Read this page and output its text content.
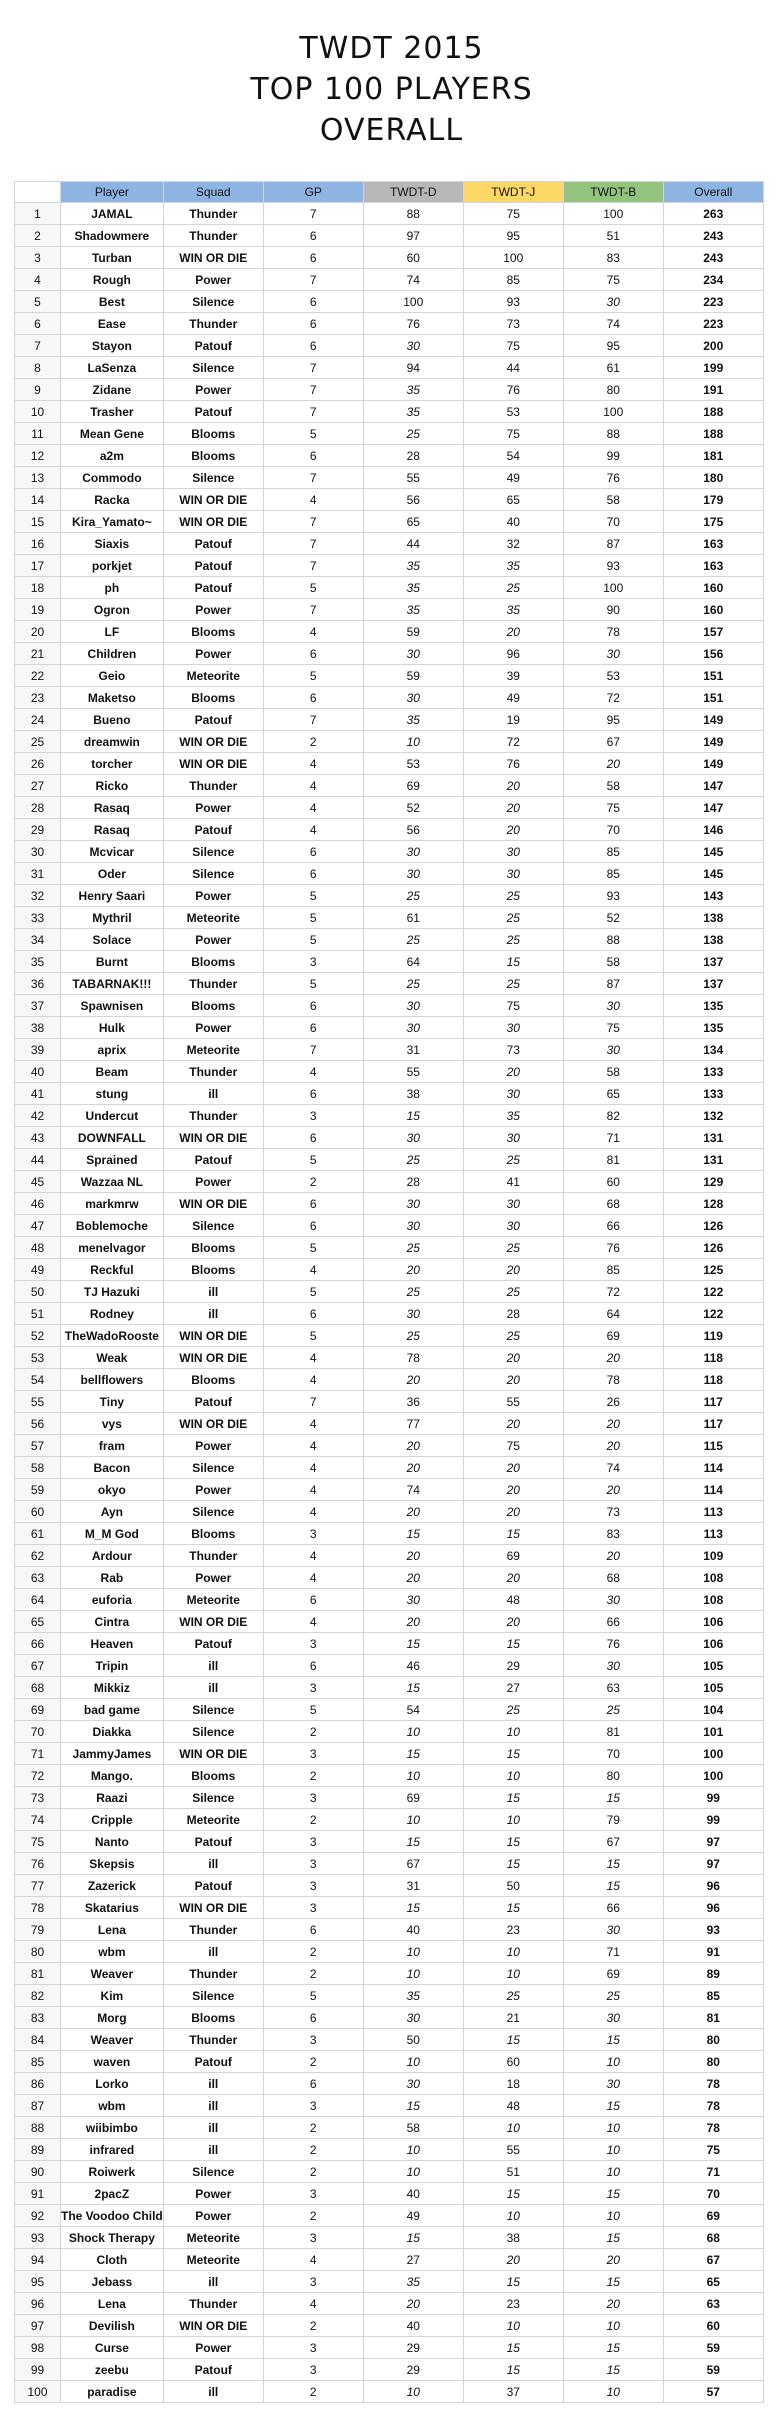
TWDT 2015
TOP 100 PLAYERS
OVERALL
	Player	Squad	GP	TWDT-D	TWDT-J	TWDT-B	Overall
1	JAMAL	Thunder	7	88	75	100	263
2	Shadowmere	Thunder	6	97	95	51	243
3	Turban	WIN OR DIE	6	60	100	83	243
4	Rough	Power	7	74	85	75	234
5	Best	Silence	6	100	93	30	223
6	Ease	Thunder	6	76	73	74	223
7	Stayon	Patouf	6	30	75	95	200
8	LaSenza	Silence	7	94	44	61	199
9	Zidane	Power	7	35	76	80	191
10	Trasher	Patouf	7	35	53	100	188
11	Mean Gene	Blooms	5	25	75	88	188
12	a2m	Blooms	6	28	54	99	181
13	Commodo	Silence	7	55	49	76	180
14	Racka	WIN OR DIE	4	56	65	58	179
15	Kira_Yamato~	WIN OR DIE	7	65	40	70	175
16	Siaxis	Patouf	7	44	32	87	163
17	porkjet	Patouf	7	35	35	93	163
18	ph	Patouf	5	35	25	100	160
19	Ogron	Power	7	35	35	90	160
20	LF	Blooms	4	59	20	78	157
21	Children	Power	6	30	96	30	156
22	Geio	Meteorite	5	59	39	53	151
23	Maketso	Blooms	6	30	49	72	151
24	Bueno	Patouf	7	35	19	95	149
25	dreamwin	WIN OR DIE	2	10	72	67	149
26	torcher	WIN OR DIE	4	53	76	20	149
27	Ricko	Thunder	4	69	20	58	147
28	Rasaq	Power	4	52	20	75	147
29	Rasaq	Patouf	4	56	20	70	146
30	Mcvicar	Silence	6	30	30	85	145
31	Oder	Silence	6	30	30	85	145
32	Henry Saari	Power	5	25	25	93	143
33	Mythril	Meteorite	5	61	25	52	138
34	Solace	Power	5	25	25	88	138
35	Burnt	Blooms	3	64	15	58	137
36	TABARNAK!!!	Thunder	5	25	25	87	137
37	Spawnisen	Blooms	6	30	75	30	135
38	Hulk	Power	6	30	30	75	135
39	aprix	Meteorite	7	31	73	30	134
40	Beam	Thunder	4	55	20	58	133
41	stung	ill	6	38	30	65	133
42	Undercut	Thunder	3	15	35	82	132
43	DOWNFALL	WIN OR DIE	6	30	30	71	131
44	Sprained	Patouf	5	25	25	81	131
45	Wazzaa NL	Power	2	28	41	60	129
46	markmrw	WIN OR DIE	6	30	30	68	128
47	Boblemoche	Silence	6	30	30	66	126
48	menelvagor	Blooms	5	25	25	76	126
49	Reckful	Blooms	4	20	20	85	125
50	TJ Hazuki	ill	5	25	25	72	122
51	Rodney	ill	6	30	28	64	122
52	TheWadoRooste	WIN OR DIE	5	25	25	69	119
53	Weak	WIN OR DIE	4	78	20	20	118
54	bellflowers	Blooms	4	20	20	78	118
55	Tiny	Patouf	7	36	55	26	117
56	vys	WIN OR DIE	4	77	20	20	117
57	fram	Power	4	20	75	20	115
58	Bacon	Silence	4	20	20	74	114
59	okyo	Power	4	74	20	20	114
60	Ayn	Silence	4	20	20	73	113
61	M_M God	Blooms	3	15	15	83	113
62	Ardour	Thunder	4	20	69	20	109
63	Rab	Power	4	20	20	68	108
64	euforia	Meteorite	6	30	48	30	108
65	Cintra	WIN OR DIE	4	20	20	66	106
66	Heaven	Patouf	3	15	15	76	106
67	Tripin	ill	6	46	29	30	105
68	Mikkiz	ill	3	15	27	63	105
69	bad game	Silence	5	54	25	25	104
70	Diakka	Silence	2	10	10	81	101
71	JammyJames	WIN OR DIE	3	15	15	70	100
72	Mango.	Blooms	2	10	10	80	100
73	Raazi	Silence	3	69	15	15	99
74	Cripple	Meteorite	2	10	10	79	99
75	Nanto	Patouf	3	15	15	67	97
76	Skepsis	ill	3	67	15	15	97
77	Zazerick	Patouf	3	31	50	15	96
78	Skatarius	WIN OR DIE	3	15	15	66	96
79	Lena	Thunder	6	40	23	30	93
80	wbm	ill	2	10	10	71	91
81	Weaver	Thunder	2	10	10	69	89
82	Kim	Silence	5	35	25	25	85
83	Morg	Blooms	6	30	21	30	81
84	Weaver	Thunder	3	50	15	15	80
85	waven	Patouf	2	10	60	10	80
86	Lorko	ill	6	30	18	30	78
87	wbm	ill	3	15	48	15	78
88	wiibimbo	ill	2	58	10	10	78
89	infrared	ill	2	10	55	10	75
90	Roiwerk	Silence	2	10	51	10	71
91	2pacZ	Power	3	40	15	15	70
92	The Voodoo Child	Power	2	49	10	10	69
93	Shock Therapy	Meteorite	3	15	38	15	68
94	Cloth	Meteorite	4	27	20	20	67
95	Jebass	ill	3	35	15	15	65
96	Lena	Thunder	4	20	23	20	63
97	Devilish	WIN OR DIE	2	40	10	10	60
98	Curse	Power	3	29	15	15	59
99	zeebu	Patouf	3	29	15	15	59
100	paradise	ill	2	10	37	10	57
